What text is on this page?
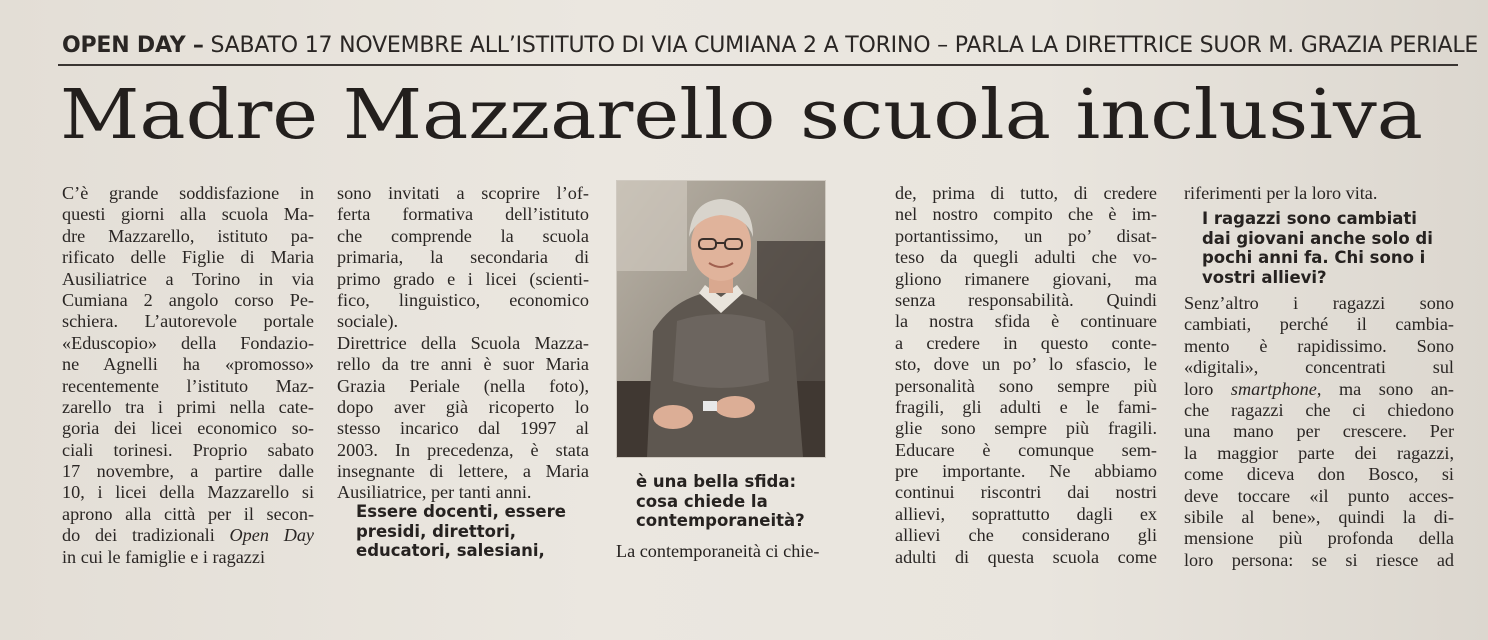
OPEN DAY – SABATO 17 NOVEMBRE ALL’ISTITUTO DI VIA CUMIANA 2 A TORINO – PARLA LA DIRETTRICE SUOR M. GRAZIA PERIALE
Madre Mazzarello scuola inclusiva
C’è grande soddisfazione in
questi giorni alla scuola Ma-
dre Mazzarello, istituto pa-
rificato delle Figlie di Maria
Ausiliatrice a Torino in via
Cumiana 2 angolo corso Pe-
schiera. L’autorevole portale
«Eduscopio» della Fondazio-
ne Agnelli ha «promosso»
recentemente l’istituto Maz-
zarello tra i primi nella cate-
goria dei licei economico so-
ciali torinesi. Proprio sabato
17 novembre, a partire dalle
10, i licei della Mazzarello si
aprono alla città per il secon-
do dei tradizionali Open Day
in cui le famiglie e i ragazzi
sono invitati a scoprire l’of-
ferta formativa dell’istituto
che comprende la scuola
primaria, la secondaria di
primo grado e i licei (scienti-
fico, linguistico, economico
sociale).
Direttrice della Scuola Mazza-
rello da tre anni è suor Maria
Grazia Periale (nella foto),
dopo aver già ricoperto lo
stesso incarico dal 1997 al
2003. In precedenza, è stata
insegnante di lettere, a Maria
Ausiliatrice, per tanti anni.
Essere docenti, essere
presidi, direttori,
educatori, salesiani,
è una bella sfida:
cosa chiede la
contemporaneità?
La contemporaneità ci chie-
de, prima di tutto, di credere
nel nostro compito che è im-
portantissimo, un po’ disat-
teso da quegli adulti che vo-
gliono rimanere giovani, ma
senza responsabilità. Quindi
la nostra sfida è continuare
a credere in questo conte-
sto, dove un po’ lo sfascio, le
personalità sono sempre più
fragili, gli adulti e le fami-
glie sono sempre più fragili.
Educare è comunque sem-
pre importante. Ne abbiamo
continui riscontri dai nostri
allievi, soprattutto dagli ex
allievi che considerano gli
adulti di questa scuola come
riferimenti per la loro vita.
I ragazzi sono cambiati
dai giovani anche solo di
pochi anni fa. Chi sono i
vostri allievi?
Senz’altro i ragazzi sono
cambiati, perché il cambia-
mento è rapidissimo. Sono
«digitali», concentrati sul
loro smartphone, ma sono an-
che ragazzi che ci chiedono
una mano per crescere. Per
la maggior parte dei ragazzi,
come diceva don Bosco, si
deve toccare «il punto acces-
sibile al bene», quindi la di-
mensione più profonda della
loro persona: se si riesce ad
